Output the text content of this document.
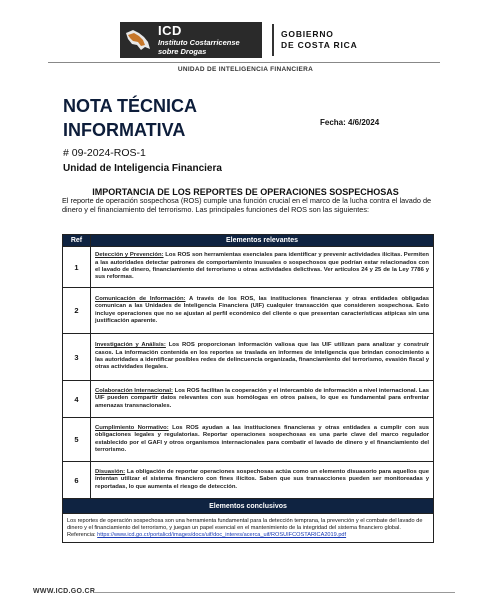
ICD
Instituto Costarricense
sobre Drogas
GOBIERNO
DE COSTA RICA
UNIDAD DE INTELIGENCIA FINANCIERA
NOTA TÉCNICA
INFORMATIVA	Fecha: 4/6/2024
# 09-2024-ROS-1
Unidad de Inteligencia Financiera
IMPORTANCIA DE LOS REPORTES DE OPERACIONES SOSPECHOSAS
El reporte de operación sospechosa (ROS) cumple una función crucial en el marco de la lucha contra el lavado de dinero y el financiamiento del terrorismo. Las principales funciones del ROS son las siguientes:
Ref	Elementos relevantes
1	Detección y Prevención: Los ROS son herramientas esenciales para identificar y prevenir actividades ilícitas. Permiten a las autoridades detectar patrones de comportamiento inusuales o sospechosos que podrían estar relacionados con el lavado de dinero, financiamiento del terrorismo u otras actividades delictivas. Ver artículos 24 y 25 de la Ley 7786 y sus reformas.
2	Comunicación de Información: A través de los ROS, las instituciones financieras y otras entidades obligadas comunican a las Unidades de Inteligencia Financiera (UIF) cualquier transacción que consideren sospechosa. Esto incluye operaciones que no se ajustan al perfil económico del cliente o que presentan características atípicas sin una justificación aparente.
3	Investigación y Análisis: Los ROS proporcionan información valiosa que las UIF utilizan para analizar y construir casos. La información contenida en los reportes se traslada en informes de inteligencia que brindan conocimiento a las autoridades a identificar posibles redes de delincuencia organizada, financiamiento del terrorismo, evasión fiscal y otras actividades ilegales.
4	Colaboración Internacional: Los ROS facilitan la cooperación y el intercambio de información a nivel internacional. Las UIF pueden compartir datos relevantes con sus homólogas en otros países, lo que es fundamental para enfrentar amenazas transnacionales.
5	Cumplimiento Normativo: Los ROS ayudan a las instituciones financieras y otras entidades a cumplir con sus obligaciones legales y regulatorias. Reportar operaciones sospechosas es una parte clave del marco regulador establecido por el GAFI y otros organismos internacionales para combatir el lavado de dinero y el financiamiento del terrorismo.
6	Disuasión: La obligación de reportar operaciones sospechosas actúa como un elemento disuasorio para aquellos que intentan utilizar el sistema financiero con fines ilícitos. Saben que sus transacciones pueden ser monitoreadas y reportadas, lo que aumenta el riesgo de detección.
Elementos conclusivos	
Los reportes de operación sospechosa son una herramienta fundamental para la detección temprana, la prevención y el combate del lavado de dinero y el financiamiento del terrorismo, y juegan un papel esencial en el mantenimiento de la integridad del sistema financiero global.
Referencia: https://www.icd.go.cr/portalicd/images/docs/uif/doc_interes/acerca_uif/ROSUIFCOSTARICA2019.pdf	
WWW.ICD.GO.CR
